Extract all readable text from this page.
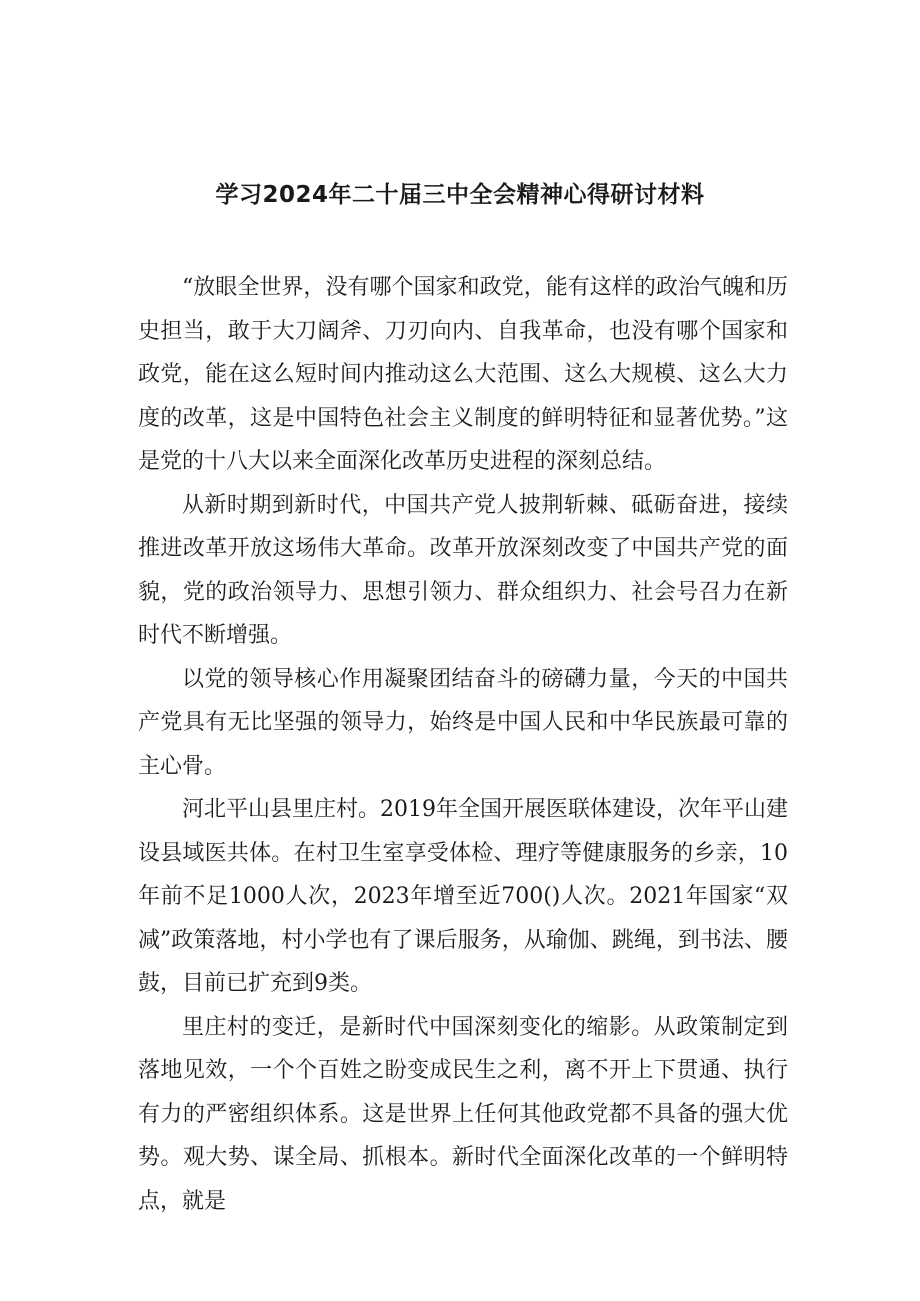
学习2024年二十届三中全会精神心得研讨材料

“放眼全世界，没有哪个国家和政党，能有这样的政治气魄和历史担当，敢于大刀阔斧、刀刃向内、自我革命，也没有哪个国家和政党，能在这么短时间内推动这么大范围、这么大规模、这么大力度的改革，这是中国特色社会主义制度的鲜明特征和显著优势。”这是党的十八大以来全面深化改革历史进程的深刻总结。

从新时期到新时代，中国共产党人披荆斩棘、砥砺奋进，接续推进改革开放这场伟大革命。改革开放深刻改变了中国共产党的面貌，党的政治领导力、思想引领力、群众组织力、社会号召力在新时代不断增强。

以党的领导核心作用凝聚团结奋斗的磅礴力量，今天的中国共产党具有无比坚强的领导力，始终是中国人民和中华民族最可靠的主心骨。

河北平山县里庄村。2019年全国开展医联体建设，次年平山建设县域医共体。在村卫生室享受体检、理疗等健康服务的乡亲，10年前不足1000人次，2023年增至近700()人次。2021年国家“双减”政策落地，村小学也有了课后服务，从瑜伽、跳绳，到书法、腰鼓，目前已扩充到9类。

里庄村的变迁，是新时代中国深刻变化的缩影。从政策制定到落地见效，一个个百姓之盼变成民生之利，离不开上下贯通、执行有力的严密组织体系。这是世界上任何其他政党都不具备的强大优势。观大势、谋全局、抓根本。新时代全面深化改革的一个鲜明特点，就是
